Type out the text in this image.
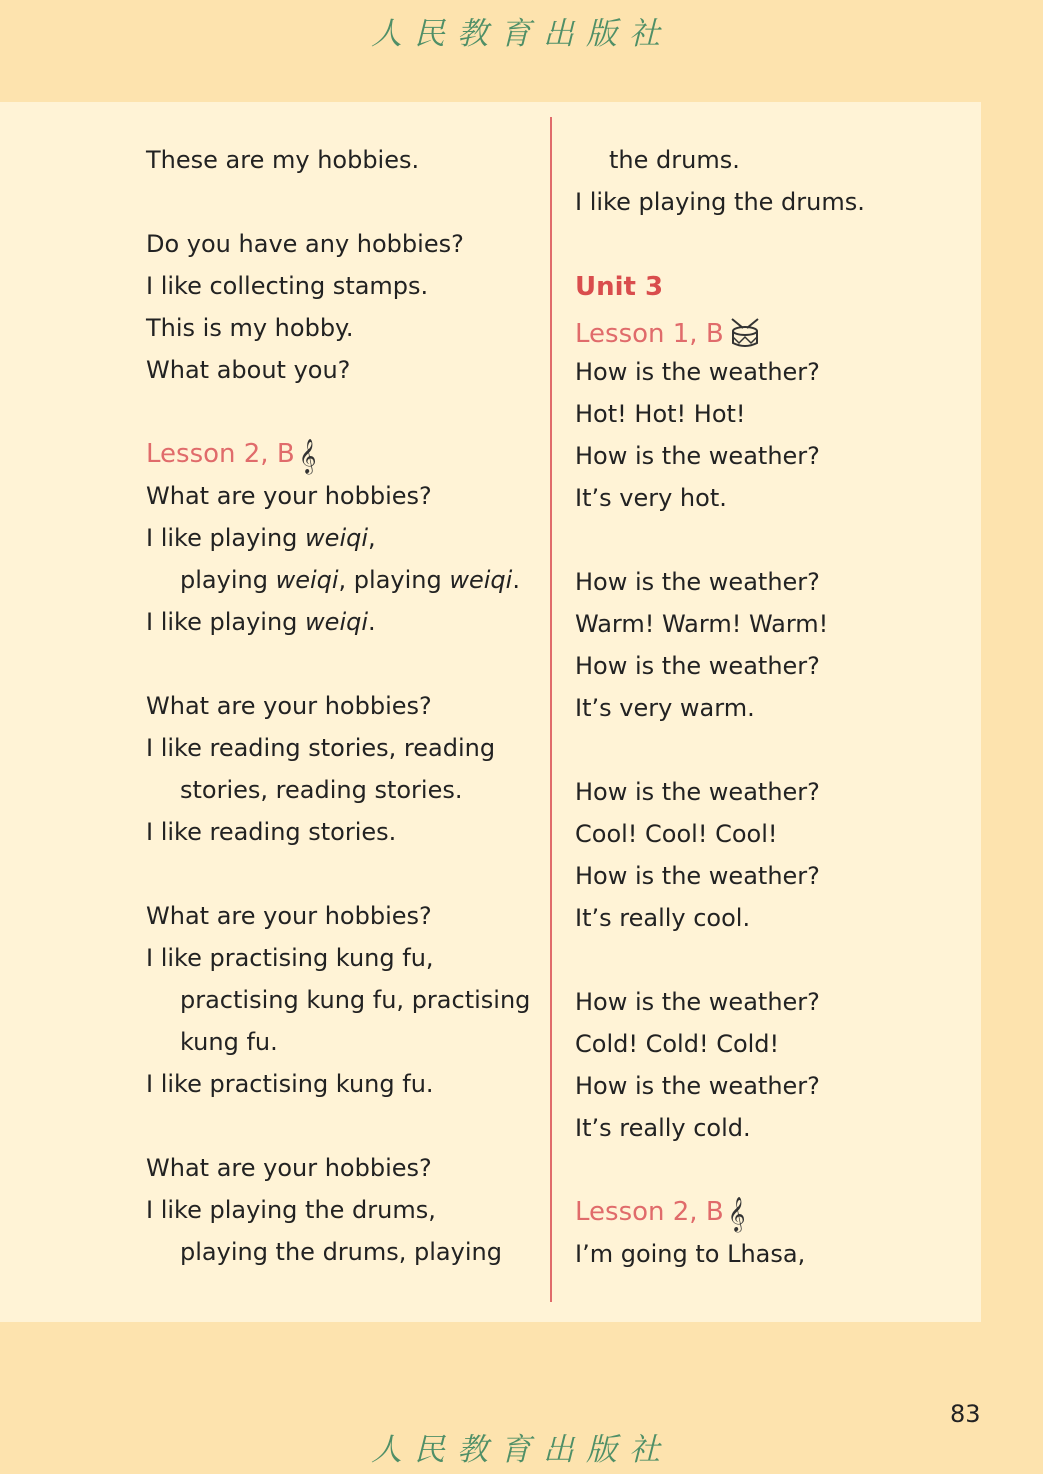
人民教育出版社
These are my hobbies.
Do you have any hobbies?
I like collecting stamps.
This is my hobby.
What about you?
Lesson 2, B 𝄞
What are your hobbies?
I like playing weiqi,
playing weiqi, playing weiqi.
I like playing weiqi.
What are your hobbies?
I like reading stories, reading
stories, reading stories.
I like reading stories.
What are your hobbies?
I like practising kung fu,
practising kung fu, practising
kung fu.
I like practising kung fu.
What are your hobbies?
I like playing the drums,
playing the drums, playing
the drums.
I like playing the drums.
Unit 3
Lesson 1, B
How is the weather?
Hot! Hot! Hot!
How is the weather?
It’s very hot.
How is the weather?
Warm! Warm! Warm!
How is the weather?
It’s very warm.
How is the weather?
Cool! Cool! Cool!
How is the weather?
It’s really cool.
How is the weather?
Cold! Cold! Cold!
How is the weather?
It’s really cold.
Lesson 2, B 𝄞
I’m going to Lhasa,
83
人民教育出版社
